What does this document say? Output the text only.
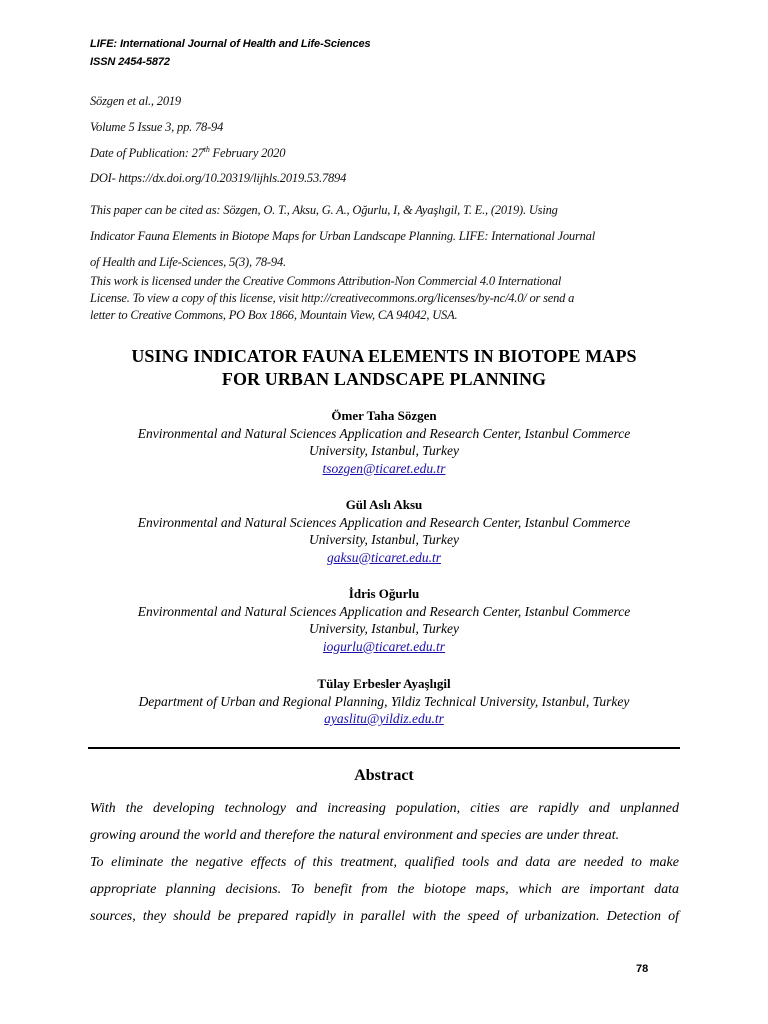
LIFE: International Journal of Health and Life-Sciences
ISSN 2454-5872
Sözgen et al., 2019
Volume 5 Issue 3, pp. 78-94
Date of Publication: 27th February 2020
DOI- https://dx.doi.org/10.20319/lijhls.2019.53.7894
This paper can be cited as: Sözgen, O. T., Aksu, G. A., Oğurlu, I, & Ayaşlıgil, T. E., (2019). Using
Indicator Fauna Elements in Biotope Maps for Urban Landscape Planning. LIFE: International Journal
of Health and Life-Sciences, 5(3), 78-94.
This work is licensed under the Creative Commons Attribution-Non Commercial 4.0 International
License. To view a copy of this license, visit http://creativecommons.org/licenses/by-nc/4.0/ or send a
letter to Creative Commons, PO Box 1866, Mountain View, CA 94042, USA.
USING INDICATOR FAUNA ELEMENTS IN BIOTOPE MAPS
FOR URBAN LANDSCAPE PLANNING
Ömer Taha Sözgen
Environmental and Natural Sciences Application and Research Center, Istanbul Commerce
University, Istanbul, Turkey
tsozgen@ticaret.edu.tr
Gül Aslı Aksu
Environmental and Natural Sciences Application and Research Center, Istanbul Commerce
University, Istanbul, Turkey
gaksu@ticaret.edu.tr
İdris Oğurlu
Environmental and Natural Sciences Application and Research Center, Istanbul Commerce
University, Istanbul, Turkey
iogurlu@ticaret.edu.tr
Tülay Erbesler Ayaşlıgil
Department of Urban and Regional Planning, Yildiz Technical University, Istanbul, Turkey
ayaslitu@yildiz.edu.tr
Abstract
With the developing technology and increasing population, cities are rapidly and unplanned
growing around the world and therefore the natural environment and species are under threat.
To eliminate the negative effects of this treatment, qualified tools and data are needed to make
appropriate planning decisions. To benefit from the biotope maps, which are important data
sources, they should be prepared rapidly in parallel with the speed of urbanization. Detection of
78
